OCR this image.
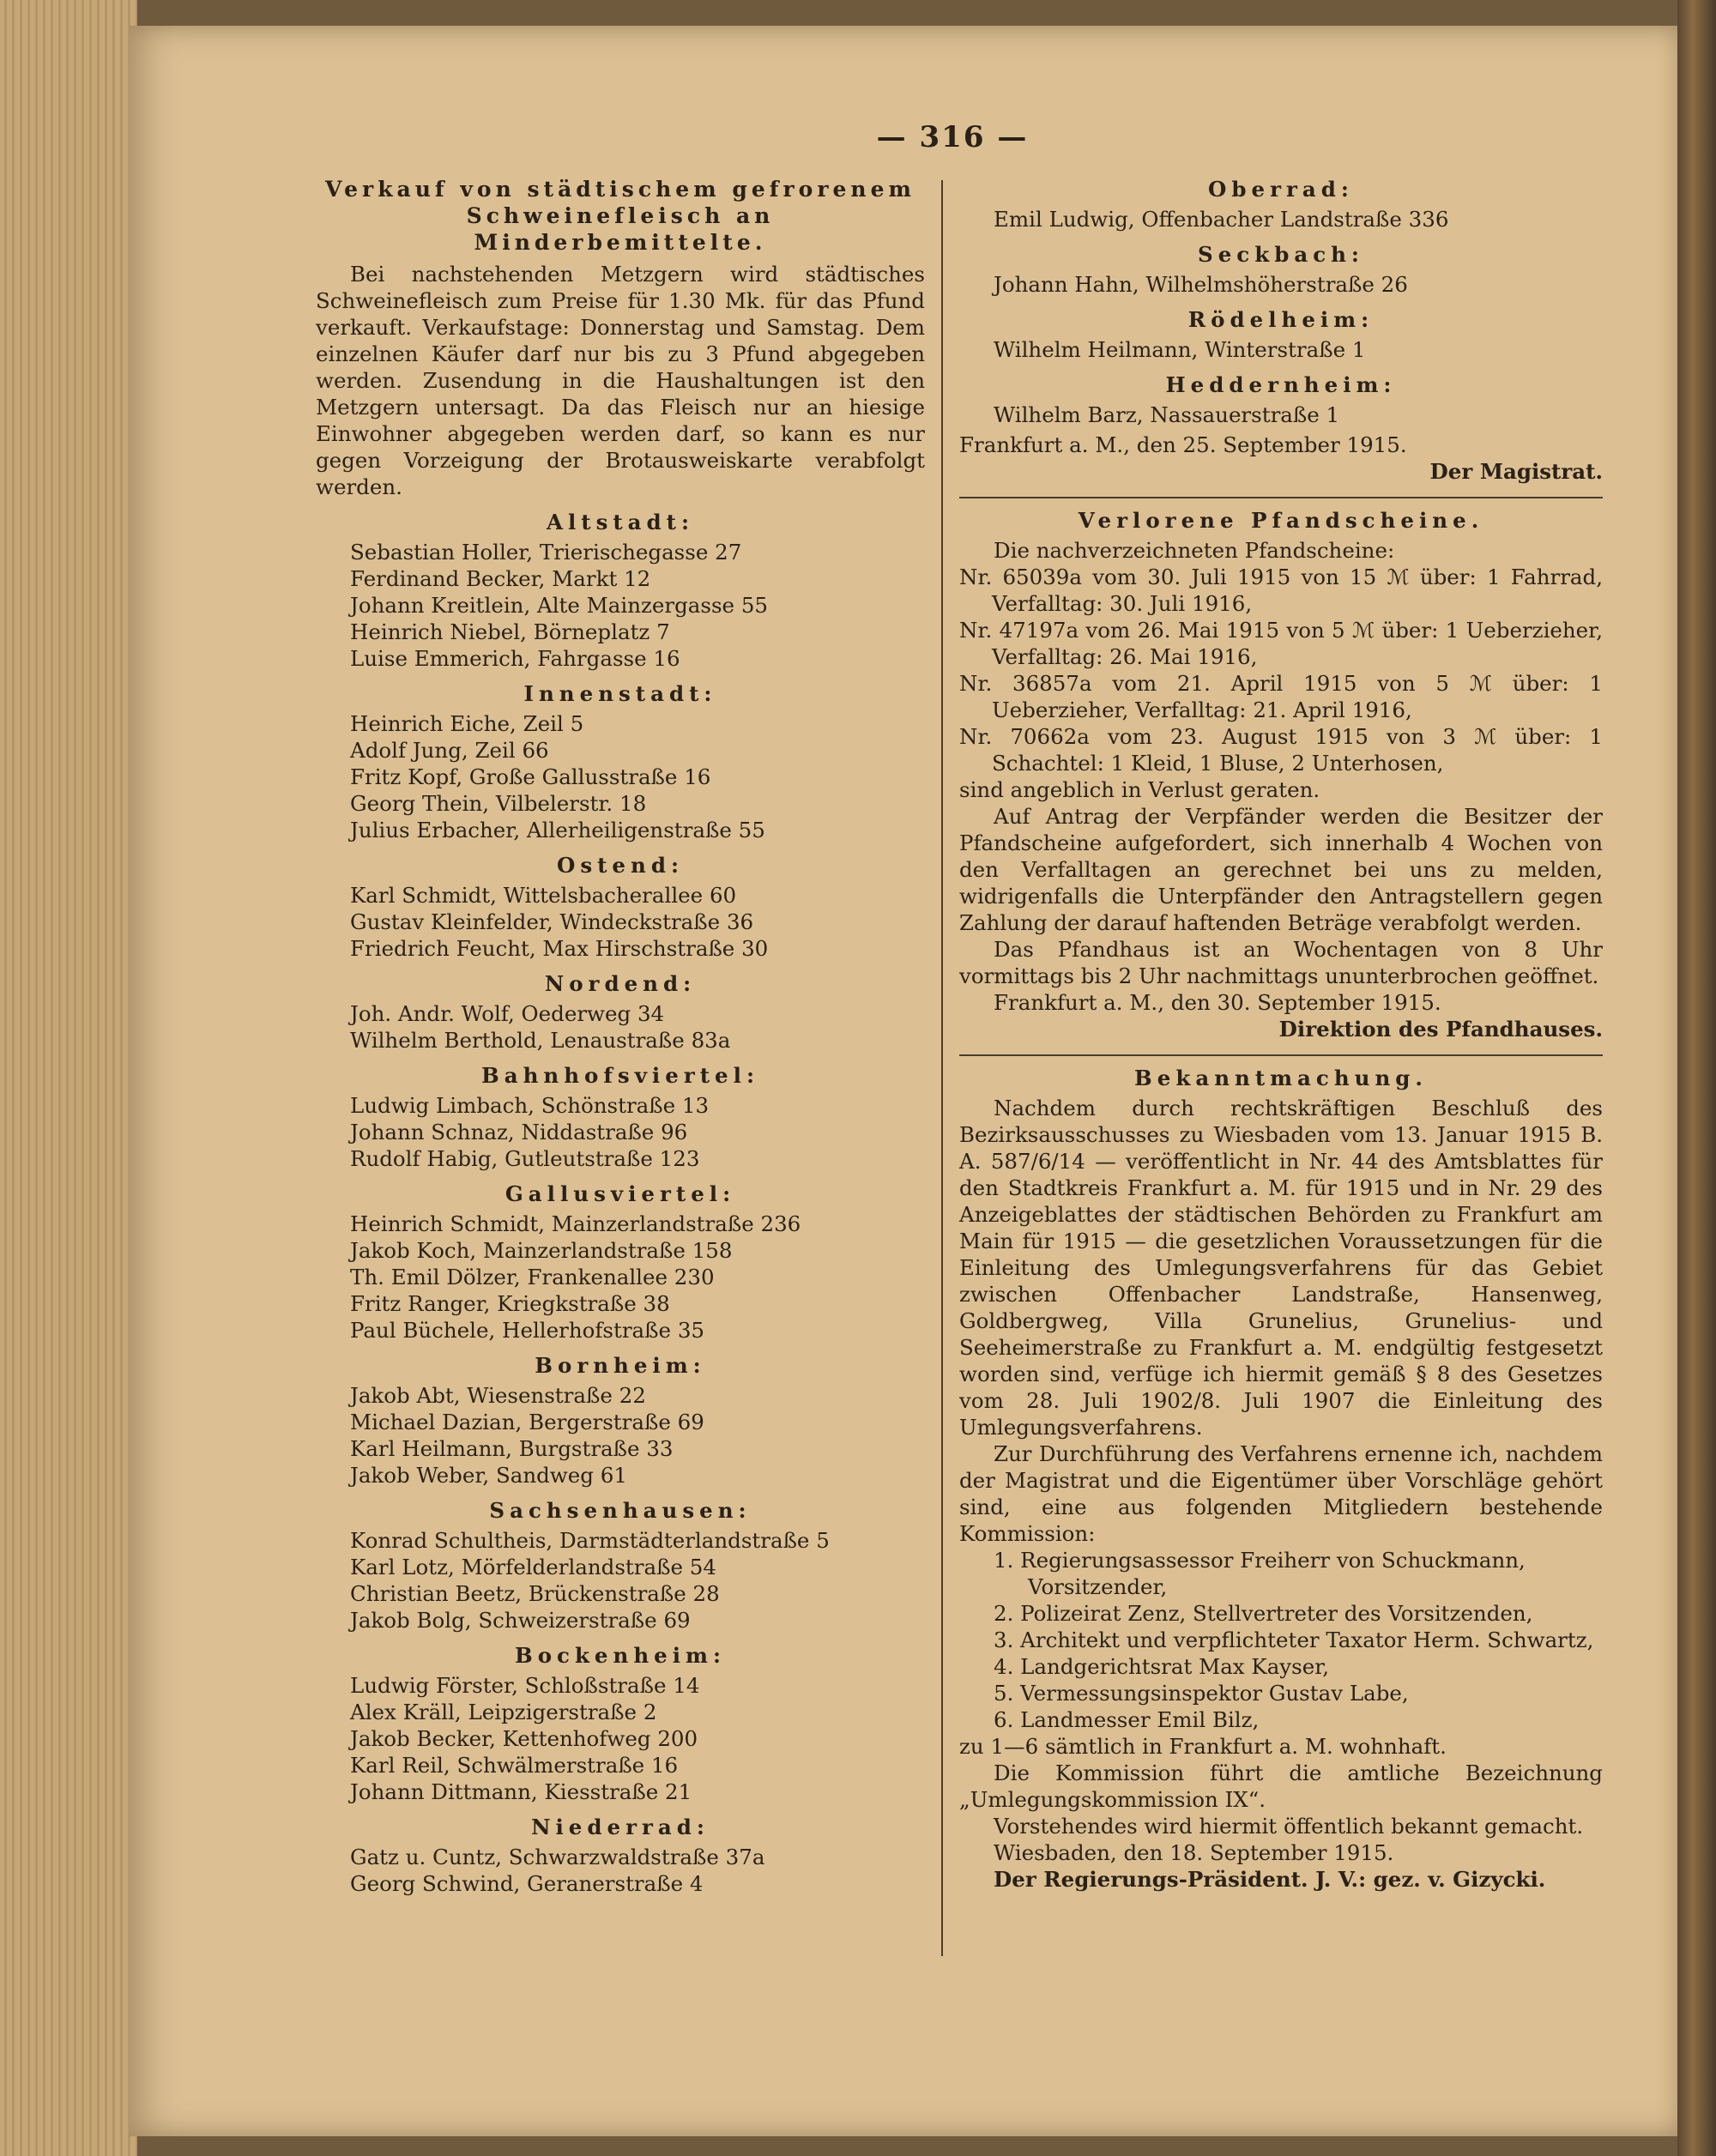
— 316 —
Verkauf von städtischem gefrorenem
Schweinefleisch an Minderbemittelte.
Bei nachstehenden Metzgern wird städtisches Schweinefleisch zum Preise für 1.30 Mk. für das Pfund verkauft. Verkaufstage: Donnerstag und Samstag. Dem einzelnen Käufer darf nur bis zu 3 Pfund abgegeben werden. Zusendung in die Haushaltungen ist den Metzgern untersagt. Da das Fleisch nur an hiesige Einwohner abgegeben werden darf, so kann es nur gegen Vorzeigung der Brotausweiskarte verabfolgt werden.
Altstadt:
Sebastian Holler, Trierischegasse 27
Ferdinand Becker, Markt 12
Johann Kreitlein, Alte Mainzergasse 55
Heinrich Niebel, Börneplatz 7
Luise Emmerich, Fahrgasse 16
Innenstadt:
Heinrich Eiche, Zeil 5
Adolf Jung, Zeil 66
Fritz Kopf, Große Gallusstraße 16
Georg Thein, Vilbelerstr. 18
Julius Erbacher, Allerheiligenstraße 55
Ostend:
Karl Schmidt, Wittelsbacherallee 60
Gustav Kleinfelder, Windeckstraße 36
Friedrich Feucht, Max Hirschstraße 30
Nordend:
Joh. Andr. Wolf, Oederweg 34
Wilhelm Berthold, Lenaustraße 83a
Bahnhofsviertel:
Ludwig Limbach, Schönstraße 13
Johann Schnaz, Niddastraße 96
Rudolf Habig, Gutleutstraße 123
Gallusviertel:
Heinrich Schmidt, Mainzerlandstraße 236
Jakob Koch, Mainzerlandstraße 158
Th. Emil Dölzer, Frankenallee 230
Fritz Ranger, Kriegkstraße 38
Paul Büchele, Hellerhofstraße 35
Bornheim:
Jakob Abt, Wiesenstraße 22
Michael Dazian, Bergerstraße 69
Karl Heilmann, Burgstraße 33
Jakob Weber, Sandweg 61
Sachsenhausen:
Konrad Schultheis, Darmstädterlandstraße 5
Karl Lotz, Mörfelderlandstraße 54
Christian Beetz, Brückenstraße 28
Jakob Bolg, Schweizerstraße 69
Bockenheim:
Ludwig Förster, Schloßstraße 14
Alex Kräll, Leipzigerstraße 2
Jakob Becker, Kettenhofweg 200
Karl Reil, Schwälmerstraße 16
Johann Dittmann, Kiesstraße 21
Niederrad:
Gatz u. Cuntz, Schwarzwaldstraße 37a
Georg Schwind, Geranerstraße 4
Oberrad:
Emil Ludwig, Offenbacher Landstraße 336
Seckbach:
Johann Hahn, Wilhelmshöherstraße 26
Rödelheim:
Wilhelm Heilmann, Winterstraße 1
Heddernheim:
Wilhelm Barz, Nassauerstraße 1
Frankfurt a. M., den 25. September 1915.
Der Magistrat.
Verlorene Pfandscheine.
Die nachverzeichneten Pfandscheine:
Nr. 65039a vom 30. Juli 1915 von 15 ℳ über: 1 Fahrrad, Verfalltag: 30. Juli 1916,
Nr. 47197a vom 26. Mai 1915 von 5 ℳ über: 1 Ueberzieher, Verfalltag: 26. Mai 1916,
Nr. 36857a vom 21. April 1915 von 5 ℳ über: 1 Ueberzieher, Verfalltag: 21. April 1916,
Nr. 70662a vom 23. August 1915 von 3 ℳ über: 1 Schachtel: 1 Kleid, 1 Bluse, 2 Unterhosen,
sind angeblich in Verlust geraten.
Auf Antrag der Verpfänder werden die Besitzer der Pfandscheine aufgefordert, sich innerhalb 4 Wochen von den Verfalltagen an gerechnet bei uns zu melden, widrigenfalls die Unterpfänder den Antragstellern gegen Zahlung der darauf haftenden Beträge verabfolgt werden.
Das Pfandhaus ist an Wochentagen von 8 Uhr vormittags bis 2 Uhr nachmittags ununterbrochen geöffnet.
Frankfurt a. M., den 30. September 1915.
Direktion des Pfandhauses.
Bekanntmachung.
Nachdem durch rechtskräftigen Beschluß des Bezirksausschusses zu Wiesbaden vom 13. Januar 1915 B. A. 587/6/14 — veröffentlicht in Nr. 44 des Amtsblattes für den Stadtkreis Frankfurt a. M. für 1915 und in Nr. 29 des Anzeigeblattes der städtischen Behörden zu Frankfurt am Main für 1915 — die gesetzlichen Voraussetzungen für die Einleitung des Umlegungsverfahrens für das Gebiet zwischen Offenbacher Landstraße, Hansenweg, Goldbergweg, Villa Grunelius, Grunelius- und Seeheimerstraße zu Frankfurt a. M. endgültig festgesetzt worden sind, verfüge ich hiermit gemäß § 8 des Gesetzes vom 28. Juli 1902/8. Juli 1907 die Einleitung des Umlegungsverfahrens.
Zur Durchführung des Verfahrens ernenne ich, nachdem der Magistrat und die Eigentümer über Vorschläge gehört sind, eine aus folgenden Mitgliedern bestehende Kommission:
1. Regierungsassessor Freiherr von Schuckmann, Vorsitzender,
2. Polizeirat Zenz, Stellvertreter des Vorsitzenden,
3. Architekt und verpflichteter Taxator Herm. Schwartz,
4. Landgerichtsrat Max Kayser,
5. Vermessungsinspektor Gustav Labe,
6. Landmesser Emil Bilz,
zu 1—6 sämtlich in Frankfurt a. M. wohnhaft.
Die Kommission führt die amtliche Bezeichnung „Umlegungskommission IX“.
Vorstehendes wird hiermit öffentlich bekannt gemacht.
Wiesbaden, den 18. September 1915.
Der Regierungs-Präsident. J. V.: gez. v. Gizycki.
